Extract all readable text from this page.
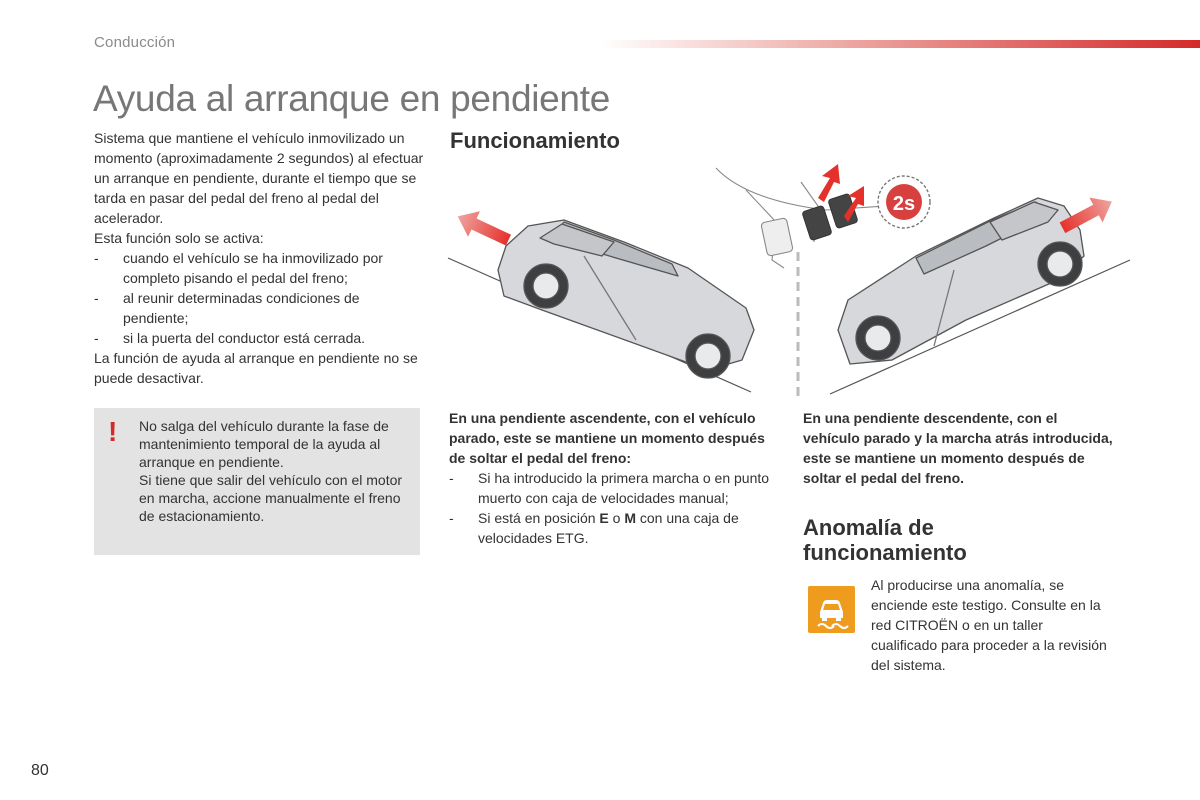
Conducción
Ayuda al arranque en pendiente

Sistema que mantiene el vehículo inmovilizado un momento (aproximadamente 2 segundos) al efectuar un arranque en pendiente, durante el tiempo que se tarda en pasar del pedal del freno al pedal del acelerador.

Esta función solo se activa:

- cuando el vehículo se ha inmovilizado por completo pisando el pedal del freno;
- al reunir determinadas condiciones de pendiente;
- si la puerta del conductor está cerrada.

La función de ayuda al arranque en pendiente no se puede desactivar.

! No salga del vehículo durante la fase de mantenimiento temporal de la ayuda al arranque en pendiente.
Si tiene que salir del vehículo con el motor en marcha, accione manualmente el freno de estacionamiento.
Funcionamiento
2s
En una pendiente ascendente, con el vehículo parado, este se mantiene un momento después de soltar el pedal del freno:
- Si ha introducido la primera marcha o en punto muerto con caja de velocidades manual;
- Si está en posición E o M con una caja de velocidades ETG.
En una pendiente descendente, con el vehículo parado y la marcha atrás introducida, este se mantiene un momento después de soltar el pedal del freno.
Anomalía de funcionamiento
Al producirse una anomalía, se enciende este testigo. Consulte en la red CITROËN o en un taller cualificado para proceder a la revisión del sistema.
80
